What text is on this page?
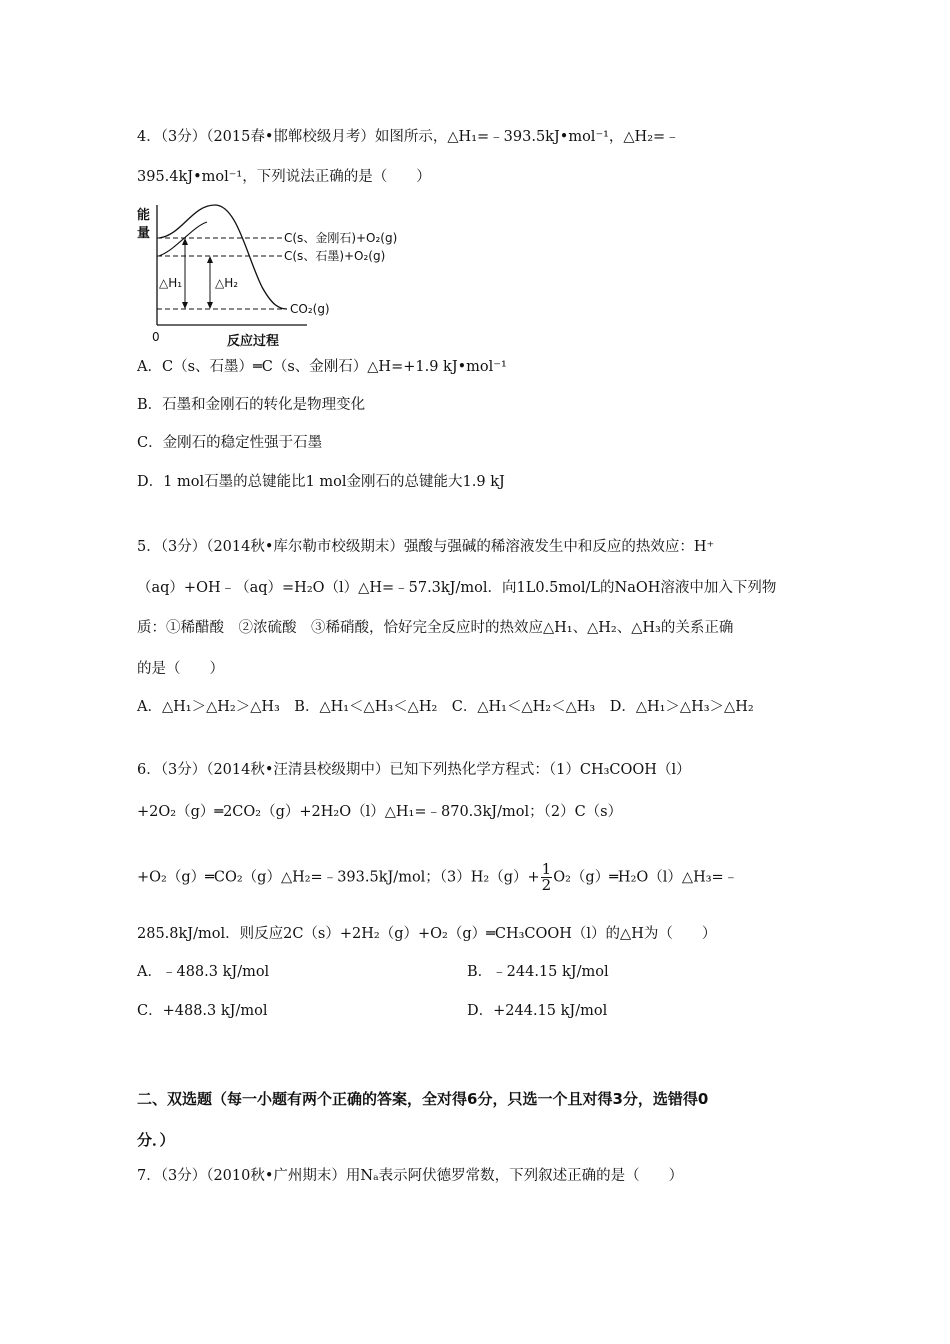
4．（3分）（2015春•邯郸校级月考）如图所示，△H₁=﹣393.5kJ•mol⁻¹，△H₂=﹣
395.4kJ•mol⁻¹，下列说法正确的是（　　）
能
量	C(s、金刚石)+O₂(g)
C(s、石墨)+O₂(g)
CO₂(g)
△H₁	△H₂
0	反应过程
A．C（s、石墨）═C（s、金刚石）△H=+1.9 kJ•mol⁻¹
B．石墨和金刚石的转化是物理变化
C．金刚石的稳定性强于石墨
D．1 mol石墨的总键能比1 mol金刚石的总键能大1.9 kJ
5．（3分）（2014秋•库尔勒市校级期末）强酸与强碱的稀溶液发生中和反应的热效应：H⁺
（aq）+OH﹣（aq）=H₂O（l）△H=﹣57.3kJ/mol．向1L0.5mol/L的NaOH溶液中加入下列物
质：①稀醋酸　②浓硫酸　③稀硝酸，恰好完全反应时的热效应△H₁、△H₂、△H₃的关系正确
的是（　　）
A．△H₁＞△H₂＞△H₃　B．△H₁＜△H₃＜△H₂　C．△H₁＜△H₂＜△H₃　D．△H₁＞△H₃＞△H₂
6．（3分）（2014秋•汪清县校级期中）已知下列热化学方程式：（1）CH₃COOH（l）
+2O₂（g）═2CO₂（g）+2H₂O（l）△H₁=﹣870.3kJ/mol；（2）C（s）
+O₂（g）═CO₂（g）△H₂=﹣393.5kJ/mol；$(3)H_2(g)+ \frac{1}{2}$ O₂（g）═H₂O（l）△H₃=﹣
285.8kJ/mol．则反应2C（s）+2H₂（g）+O₂（g）═CH₃COOH（l）的△H为（　　）
A．﹣488.3 kJ/mol	B．﹣244.15 kJ/mol
C．+488.3 kJ/mol	D．+244.15 kJ/mol
二、双选题（每一小题有两个正确的答案，全对得6分，只选一个且对得3分，选错得0
分．）
7．（3分）（2010秋•广州期末）用Nₐ表示阿伏德罗常数，下列叙述正确的是（　　）
